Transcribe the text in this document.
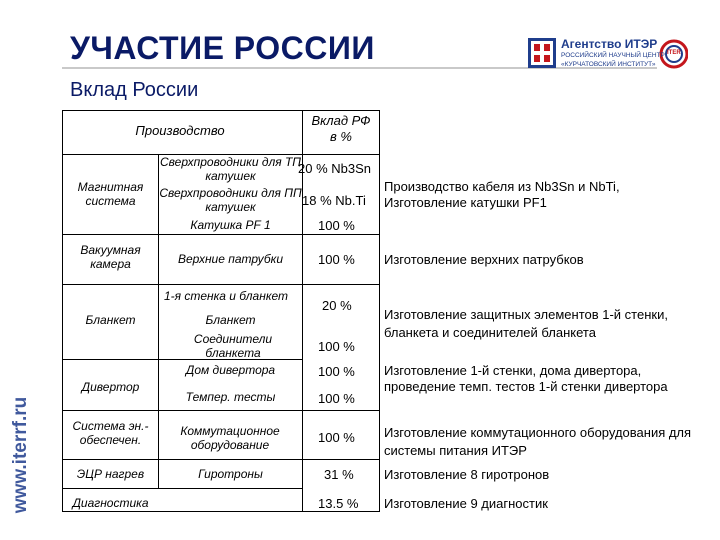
УЧАСТИЕ РОССИИ
Вклад России
Агентство ИТЭР
РОССИЙСКИЙ НАУЧНЫЙ ЦЕНТР
«КУРЧАТОВСКИЙ ИНСТИТУТ»
ITER
www.iterrf.ru
Производство
Вклад РФ
в %
Магнитная система
Вакуумная камера
Бланкет
Дивертор
Система эн.-обеспечен.
ЭЦР нагрев
Диагностика
Сверхпроводники для ТП катушек
Сверхпроводники для ПП катушек
Катушка PF 1
Верхние патрубки
1-я стенка и бланкет
Бланкет
Соединители бланкета
Дом дивертора
Темпер. тесты
Коммутационное оборудование
Гиротроны
20 % Nb3Sn
18 % Nb.Ti
100 %
100 %
20 %
100 %
100 %
100 %
100 %
31 %
13.5 %
Производство кабеля из Nb3Sn и NbTi,
Изготовление катушки PF1
Изготовление верхних патрубков
Изготовление защитных элементов 1-й стенки, бланкета и соединителей бланкета
Изготовление 1-й стенки, дома дивертора, проведение темп. тестов 1-й стенки дивертора
Изготовление коммутационного оборудования для системы питания ИТЭР
Изготовление 8 гиротронов
Изготовление 9 диагностик
